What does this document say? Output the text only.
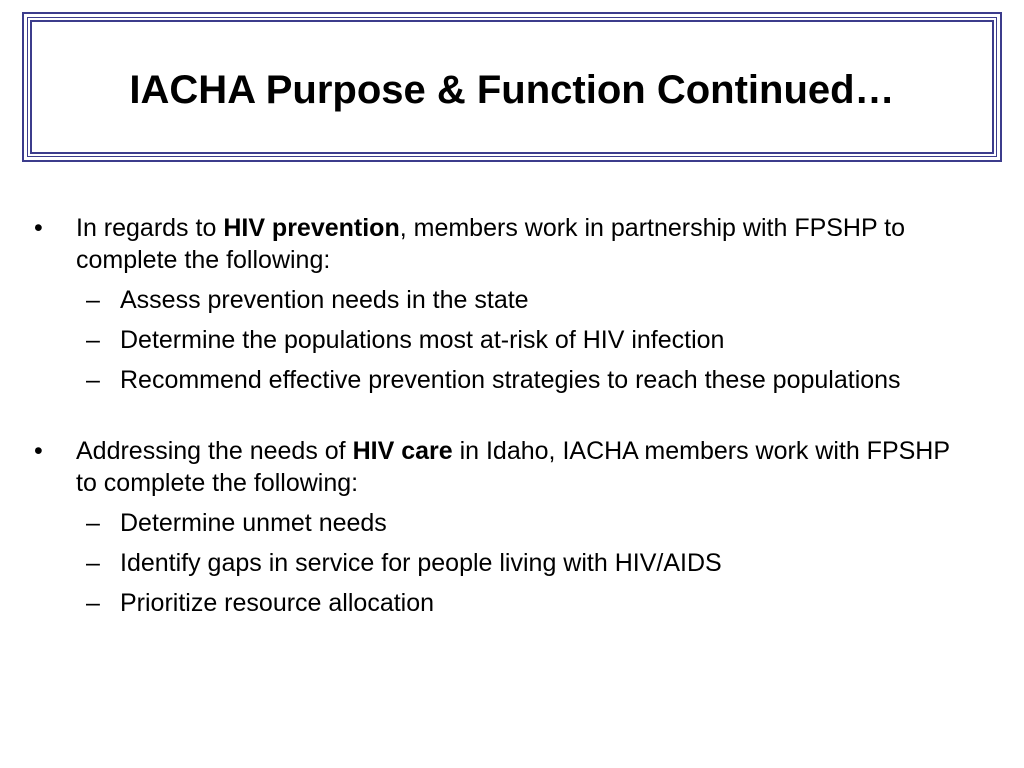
IACHA Purpose & Function Continued…
• In regards to HIV prevention, members work in partnership with FPSHP to complete the following:
– Assess prevention needs in the state
– Determine the populations most at-risk of HIV infection
– Recommend effective prevention strategies to reach these populations
• Addressing the needs of HIV care in Idaho, IACHA members work with FPSHP to complete the following:
– Determine unmet needs
– Identify gaps in service for people living with HIV/AIDS
– Prioritize resource allocation
